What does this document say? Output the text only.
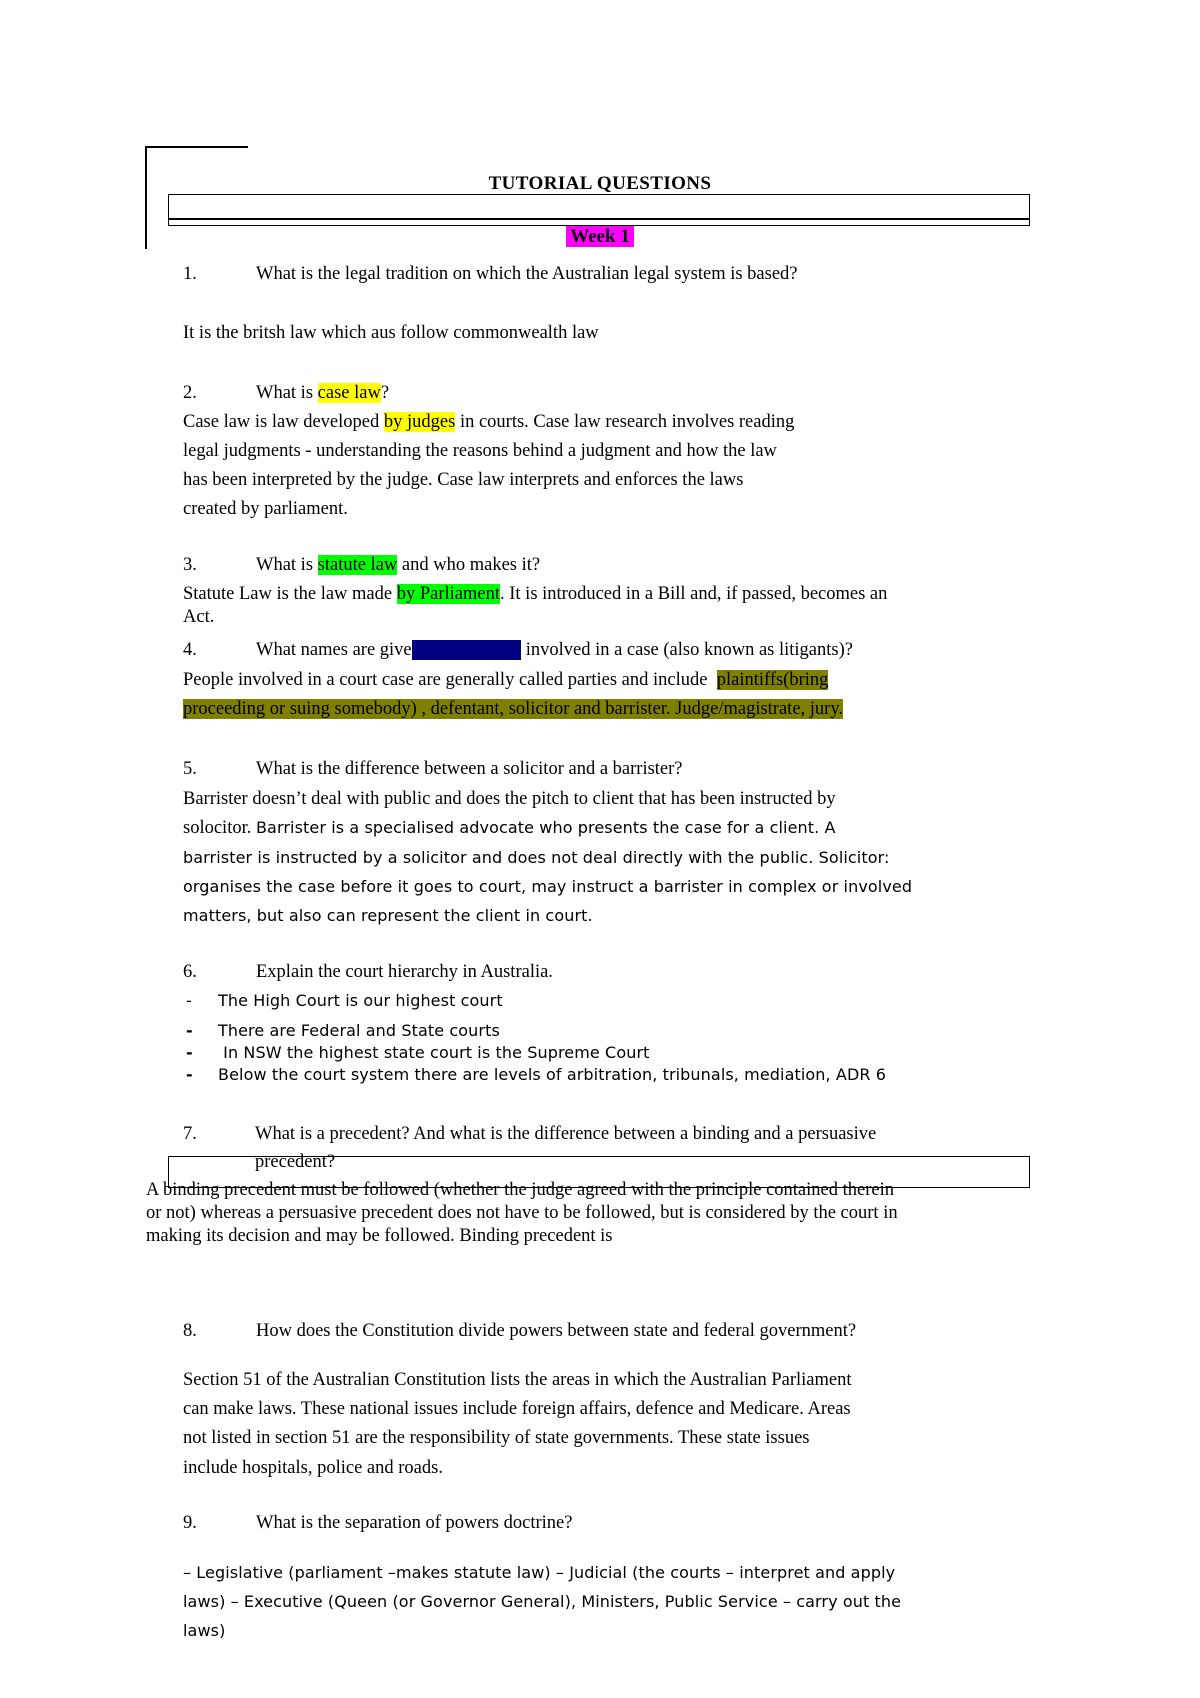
TUTORIAL QUESTIONS
Week 1
1.	What is the legal tradition on which the Australian legal system is based?
It is the britsh law which aus follow commonwealth law
2.	What is case law?
Case law is law developed by judges in courts. Case law research involves reading
legal judgments - understanding the reasons behind a judgment and how the law
has been interpreted by the judge. Case law interprets and enforces the laws
created by parliament.
3.	What is statute law and who makes it?
Statute Law is the law made by Parliament. It is introduced in a Bill and, if passed, becomes an
Act.
4.	What names are given to the parties involved in a case (also known as litigants)?
People involved in a court case are generally called parties and include  plaintiffs(bring
proceeding or suing somebody) , defentant, solicitor and barrister. Judge/magistrate, jury.
5.	What is the difference between a solicitor and a barrister?
Barrister doesn’t deal with public and does the pitch to client that has been instructed by
solocitor. Barrister is a specialised advocate who presents the case for a client. A
barrister is instructed by a solicitor and does not deal directly with the public. Solicitor:
organises the case before it goes to court, may instruct a barrister in complex or involved
matters, but also can represent the client in court.
6.	Explain the court hierarchy in Australia.
- The High Court is our highest court
- There are Federal and State courts
- In NSW the highest state court is the Supreme Court
- Below the court system there are levels of arbitration, tribunals, mediation, ADR 6
7.	What is a precedent? And what is the difference between a binding and a persuasive
precedent?
A binding precedent must be followed (whether the judge agreed with the principle contained therein
or not) whereas a persuasive precedent does not have to be followed, but is considered by the court in
making its decision and may be followed. Binding precedent is
8.	How does the Constitution divide powers between state and federal government?
Section 51 of the Australian Constitution lists the areas in which the Australian Parliament
can make laws. These national issues include foreign affairs, defence and Medicare. Areas
not listed in section 51 are the responsibility of state governments. These state issues
include hospitals, police and roads.
9.	What is the separation of powers doctrine?
– Legislative (parliament –makes statute law) – Judicial (the courts – interpret and apply
laws) – Executive (Queen (or Governor General), Ministers, Public Service – carry out the
laws)
